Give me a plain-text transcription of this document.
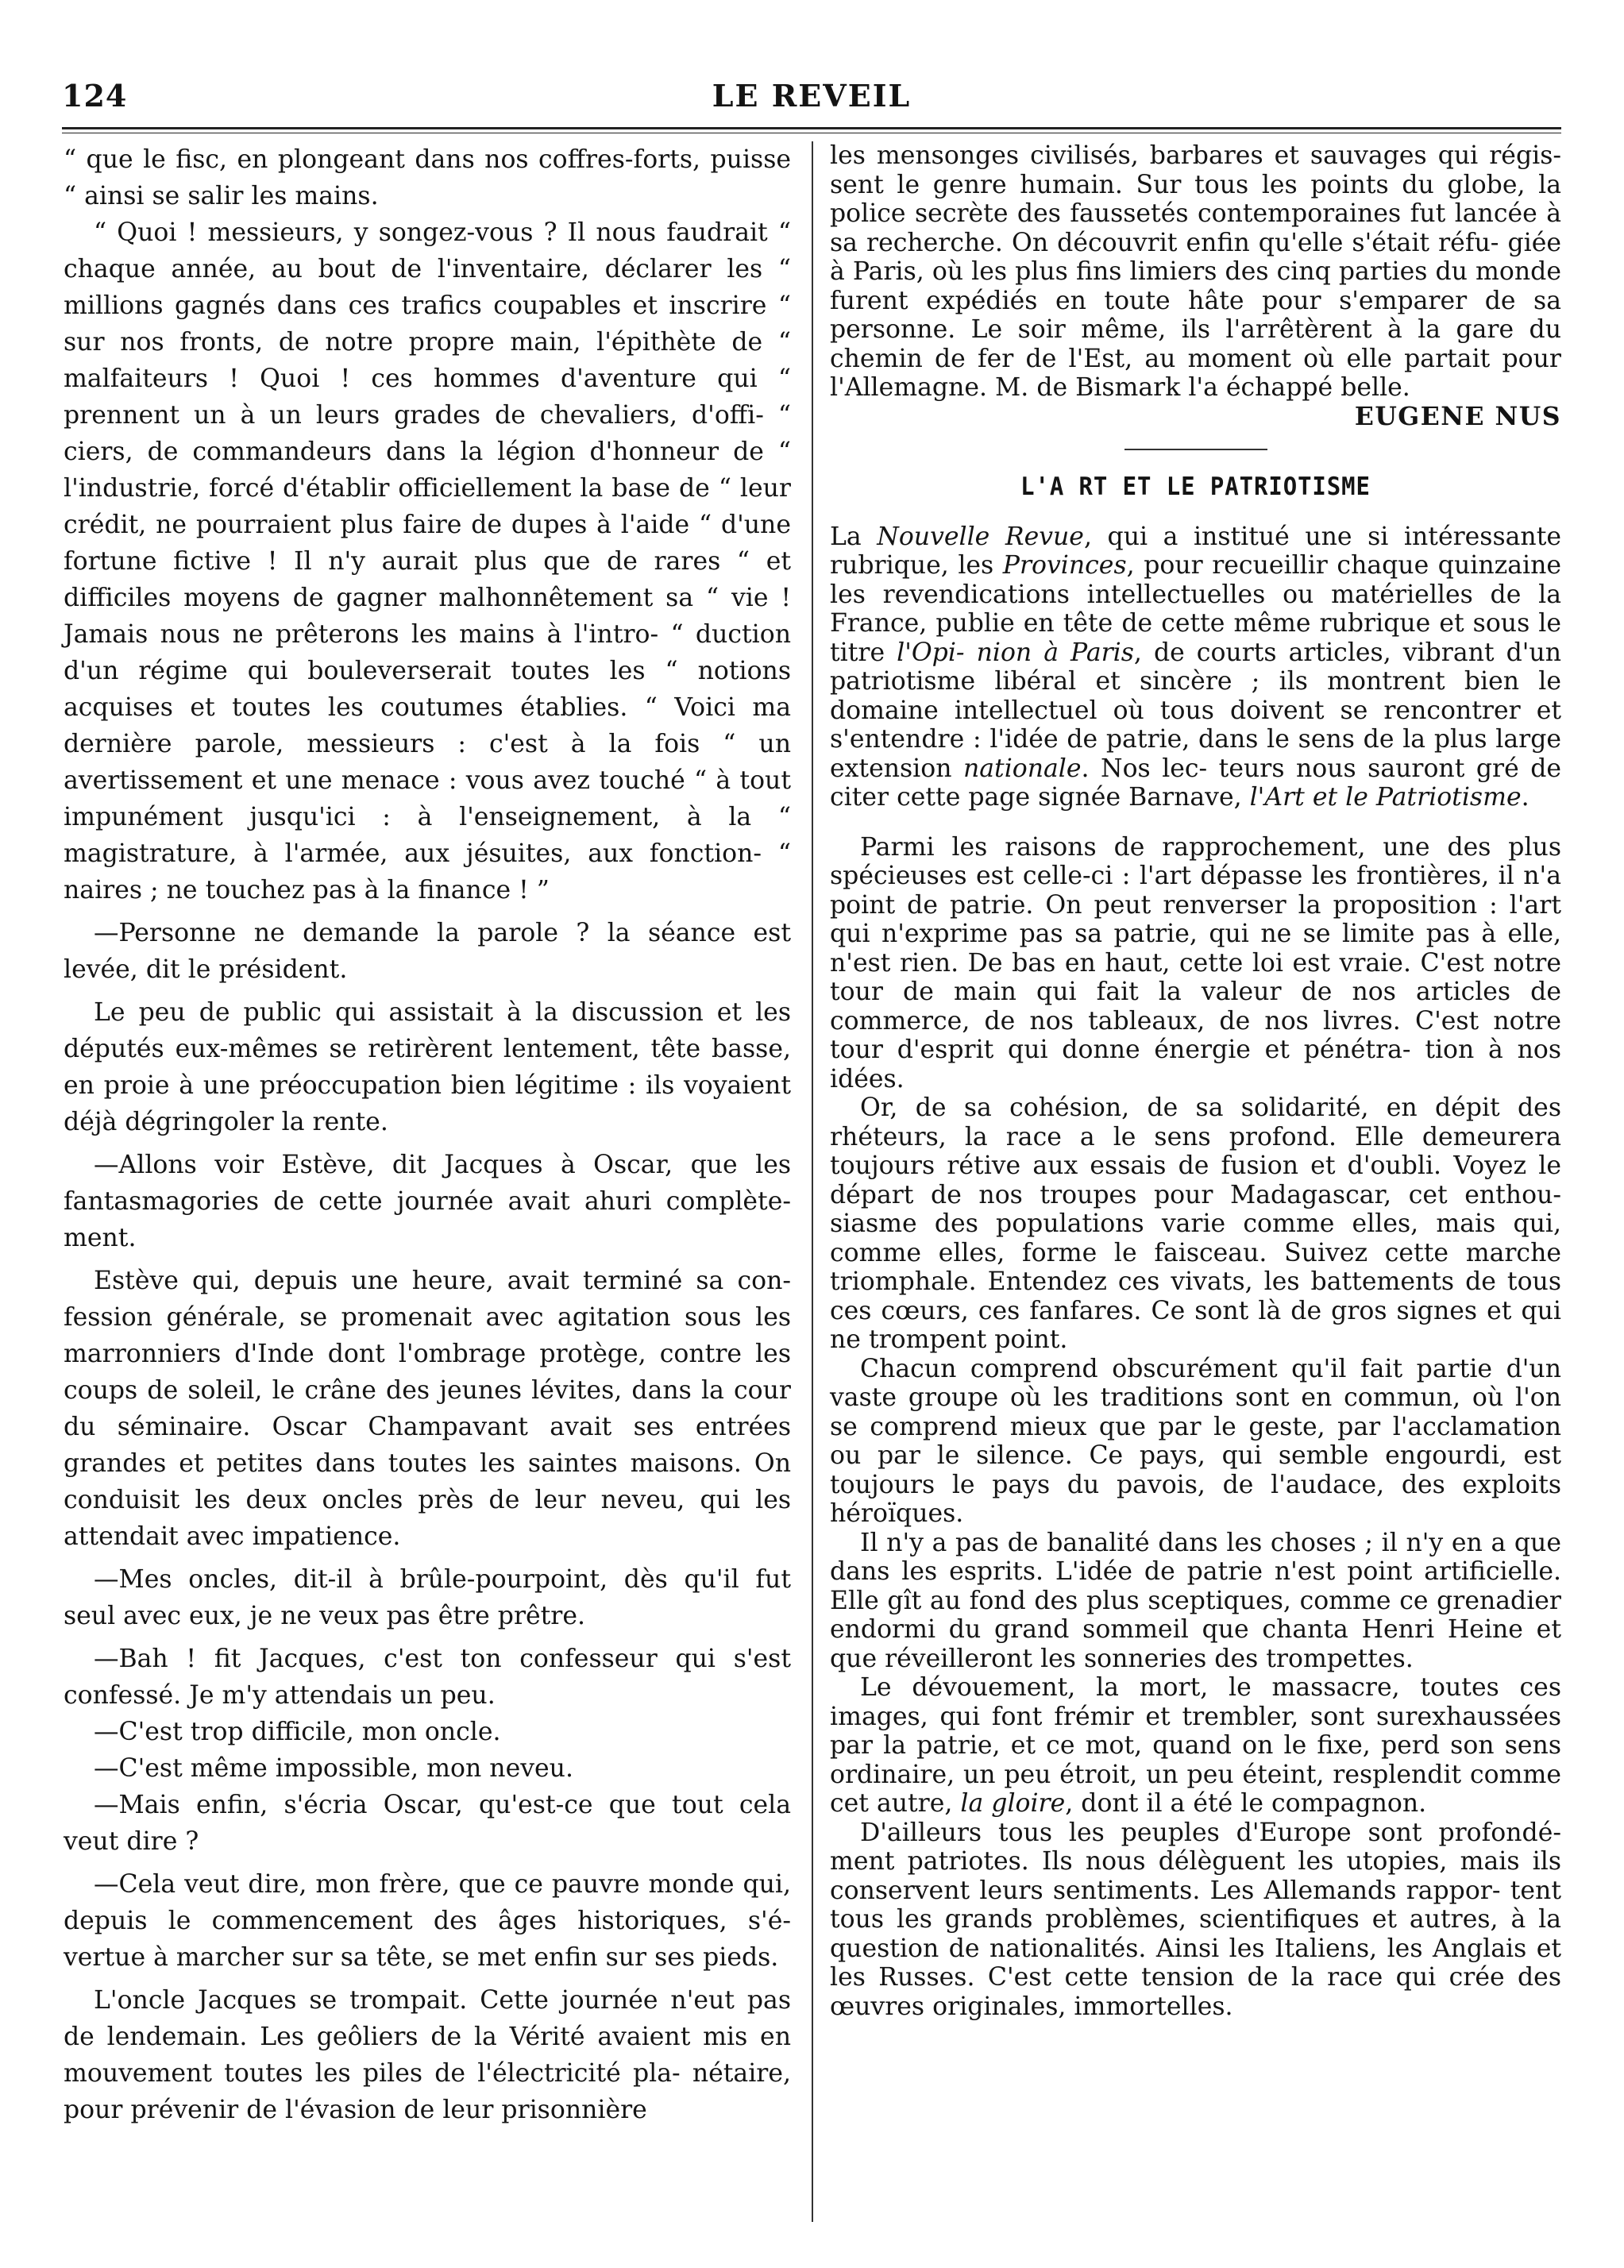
124	LE REVEIL

“ que le fisc, en plongeant dans nos coffres-forts, puisse “ ainsi se salir les mains.

“ Quoi ! messieurs, y songez-vous ? Il nous faudrait “ chaque année, au bout de l'inventaire, déclarer les “ millions gagnés dans ces trafics coupables et inscrire “ sur nos fronts, de notre propre main, l'épithète de “ malfaiteurs ! Quoi ! ces hommes d'aventure qui “ prennent un à un leurs grades de chevaliers, d'offi- “ ciers, de commandeurs dans la légion d'honneur de “ l'industrie, forcé d'établir officiellement la base de “ leur crédit, ne pourraient plus faire de dupes à l'aide “ d'une fortune fictive ! Il n'y aurait plus que de rares “ et difficiles moyens de gagner malhonnêtement sa “ vie ! Jamais nous ne prêterons les mains à l'intro- “ duction d'un régime qui bouleverserait toutes les “ notions acquises et toutes les coutumes établies. “ Voici ma dernière parole, messieurs : c'est à la fois “ un avertissement et une menace : vous avez touché “ à tout impunément jusqu'ici : à l'enseignement, à la “ magistrature, à l'armée, aux jésuites, aux fonction- “ naires ; ne touchez pas à la finance ! ”

—Personne ne demande la parole ? la séance est levée, dit le président.

Le peu de public qui assistait à la discussion et les députés eux-mêmes se retirèrent lentement, tête basse, en proie à une préoccupation bien légitime : ils voyaient déjà dégringoler la rente.

—Allons voir Estève, dit Jacques à Oscar, que les fantasmagories de cette journée avait ahuri complète- ment.

Estève qui, depuis une heure, avait terminé sa con- fession générale, se promenait avec agitation sous les marronniers d'Inde dont l'ombrage protège, contre les coups de soleil, le crâne des jeunes lévites, dans la cour du séminaire. Oscar Champavant avait ses entrées grandes et petites dans toutes les saintes maisons. On conduisit les deux oncles près de leur neveu, qui les attendait avec impatience.

—Mes oncles, dit-il à brûle-pourpoint, dès qu'il fut seul avec eux, je ne veux pas être prêtre.

—Bah ! fit Jacques, c'est ton confesseur qui s'est confessé. Je m'y attendais un peu.

—C'est trop difficile, mon oncle.

—C'est même impossible, mon neveu.

—Mais enfin, s'écria Oscar, qu'est-ce que tout cela veut dire ?

—Cela veut dire, mon frère, que ce pauvre monde qui, depuis le commencement des âges historiques, s'é- vertue à marcher sur sa tête, se met enfin sur ses pieds.

L'oncle Jacques se trompait. Cette journée n'eut pas de lendemain. Les geôliers de la Vérité avaient mis en mouvement toutes les piles de l'électricité pla- nétaire, pour prévenir de l'évasion de leur prisonnière

les mensonges civilisés, barbares et sauvages qui régis- sent le genre humain. Sur tous les points du globe, la police secrète des faussetés contemporaines fut lancée à sa recherche. On découvrit enfin qu'elle s'était réfu- giée à Paris, où les plus fins limiers des cinq parties du monde furent expédiés en toute hâte pour s'emparer de sa personne. Le soir même, ils l'arrêtèrent à la gare du chemin de fer de l'Est, au moment où elle partait pour l'Allemagne. M. de Bismark l'a échappé belle.

EUGENE NUS

L'A RT ET LE PATRIOTISME

La Nouvelle Revue, qui a institué une si intéressante rubrique, les Provinces, pour recueillir chaque quinzaine les revendications intellectuelles ou matérielles de la France, publie en tête de cette même rubrique et sous le titre l'Opi- nion à Paris, de courts articles, vibrant d'un patriotisme libéral et sincère ; ils montrent bien le domaine intellectuel où tous doivent se rencontrer et s'entendre : l'idée de patrie, dans le sens de la plus large extension nationale. Nos lec- teurs nous sauront gré de citer cette page signée Barnave, l'Art et le Patriotisme.

Parmi les raisons de rapprochement, une des plus spécieuses est celle-ci : l'art dépasse les frontières, il n'a point de patrie. On peut renverser la proposition : l'art qui n'exprime pas sa patrie, qui ne se limite pas à elle, n'est rien. De bas en haut, cette loi est vraie. C'est notre tour de main qui fait la valeur de nos articles de commerce, de nos tableaux, de nos livres. C'est notre tour d'esprit qui donne énergie et pénétra- tion à nos idées.

Or, de sa cohésion, de sa solidarité, en dépit des rhéteurs, la race a le sens profond. Elle demeurera toujours rétive aux essais de fusion et d'oubli. Voyez le départ de nos troupes pour Madagascar, cet enthou- siasme des populations varie comme elles, mais qui, comme elles, forme le faisceau. Suivez cette marche triomphale. Entendez ces vivats, les battements de tous ces cœurs, ces fanfares. Ce sont là de gros signes et qui ne trompent point.

Chacun comprend obscurément qu'il fait partie d'un vaste groupe où les traditions sont en commun, où l'on se comprend mieux que par le geste, par l'acclamation ou par le silence. Ce pays, qui semble engourdi, est toujours le pays du pavois, de l'audace, des exploits héroïques.

Il n'y a pas de banalité dans les choses ; il n'y en a que dans les esprits. L'idée de patrie n'est point artificielle. Elle gît au fond des plus sceptiques, comme ce grenadier endormi du grand sommeil que chanta Henri Heine et que réveilleront les sonneries des trompettes.

Le dévouement, la mort, le massacre, toutes ces images, qui font frémir et trembler, sont surexhaussées par la patrie, et ce mot, quand on le fixe, perd son sens ordinaire, un peu étroit, un peu éteint, resplendit comme cet autre, la gloire, dont il a été le compagnon.

D'ailleurs tous les peuples d'Europe sont profondé- ment patriotes. Ils nous délèguent les utopies, mais ils conservent leurs sentiments. Les Allemands rappor- tent tous les grands problèmes, scientifiques et autres, à la question de nationalités. Ainsi les Italiens, les Anglais et les Russes. C'est cette tension de la race qui crée des œuvres originales, immortelles.
